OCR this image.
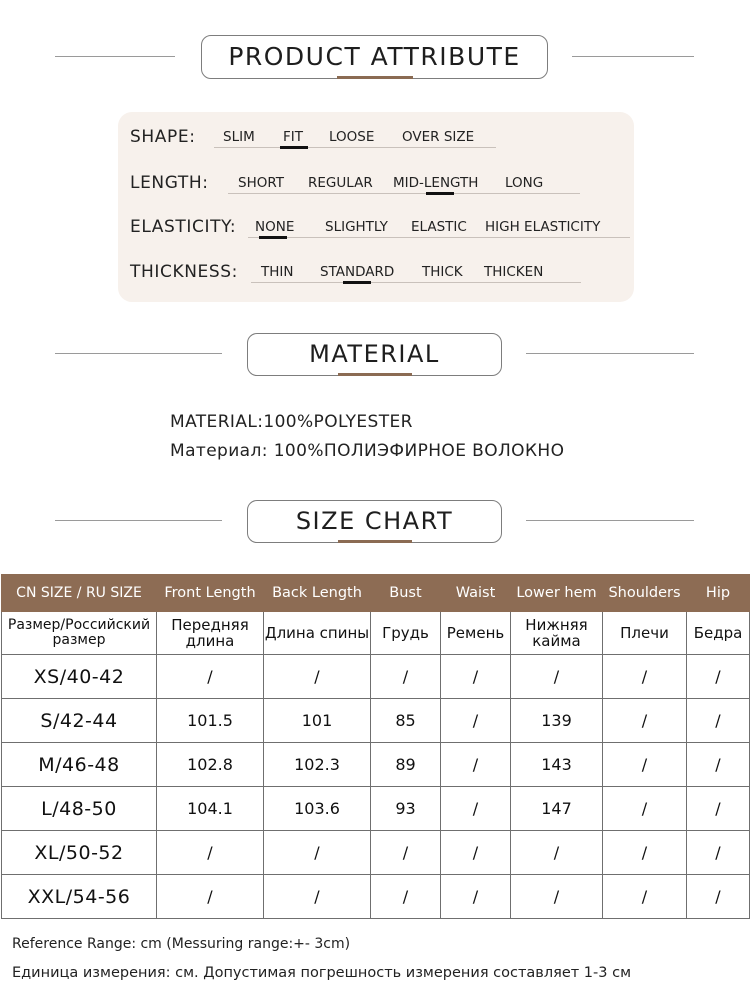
PRODUCT ATTRIBUTE
SHAPE: SLIM FIT LOOSE OVER SIZE
LENGTH: SHORT REGULAR MID-LENGTH LONG
ELASTICITY: NONE SLIGHTLY ELASTIC HIGH ELASTICITY
THICKNESS: THIN STANDARD THICK THICKEN
MATERIAL
MATERIAL:100%POLYESTER
Материал: 100%ПОЛИЭФИРНОЕ ВОЛОКНО
SIZE CHART
CN SIZE / RU SIZE	Front Length	Back Length	Bust	Waist	Lower hem	Shoulders	Hip
Размер/Российский размер	Передняя длина	Длина спины	Грудь	Ремень	Нижняя кайма	Плечи	Бедра
XS/40-42	/	/	/	/	/	/	/
S/42-44	101.5	101	85	/	139	/	/
M/46-48	102.8	102.3	89	/	143	/	/
L/48-50	104.1	103.6	93	/	147	/	/
XL/50-52	/	/	/	/	/	/	/
XXL/54-56	/	/	/	/	/	/	/
Reference Range: cm (Messuring range:+- 3cm)
Единица измерения: см. Допустимая погрешность измерения составляет 1-3 см
